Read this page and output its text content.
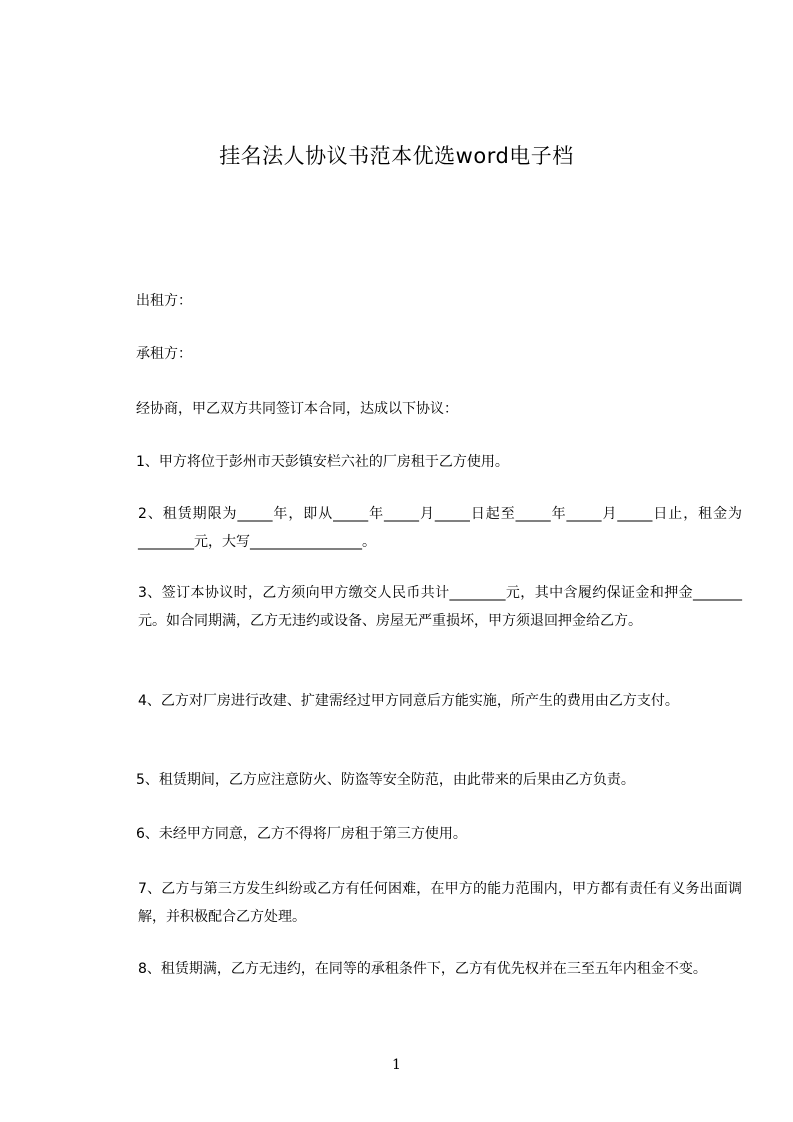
挂名法人协议书范本优选word电子档
出租方：
承租方：
经协商，甲乙双方共同签订本合同，达成以下协议：
1、甲方将位于彭州市天彭镇安栏六社的厂房租于乙方使用。
2、租赁期限为_____年，即从_____年_____月_____日起至_____年_____月_____日止，租金为________元，大写________________。
3、签订本协议时，乙方须向甲方缴交人民币共计________元，其中含履约保证金和押金_______元。如合同期满，乙方无违约或设备、房屋无严重损坏，甲方须退回押金给乙方。
4、乙方对厂房进行改建、扩建需经过甲方同意后方能实施，所产生的费用由乙方支付。
5、租赁期间，乙方应注意防火、防盗等安全防范，由此带来的后果由乙方负责。
6、未经甲方同意，乙方不得将厂房租于第三方使用。
7、乙方与第三方发生纠纷或乙方有任何困难，在甲方的能力范围内，甲方都有责任有义务出面调解，并积极配合乙方处理。
8、租赁期满，乙方无违约，在同等的承租条件下，乙方有优先权并在三至五年内租金不变。
1
